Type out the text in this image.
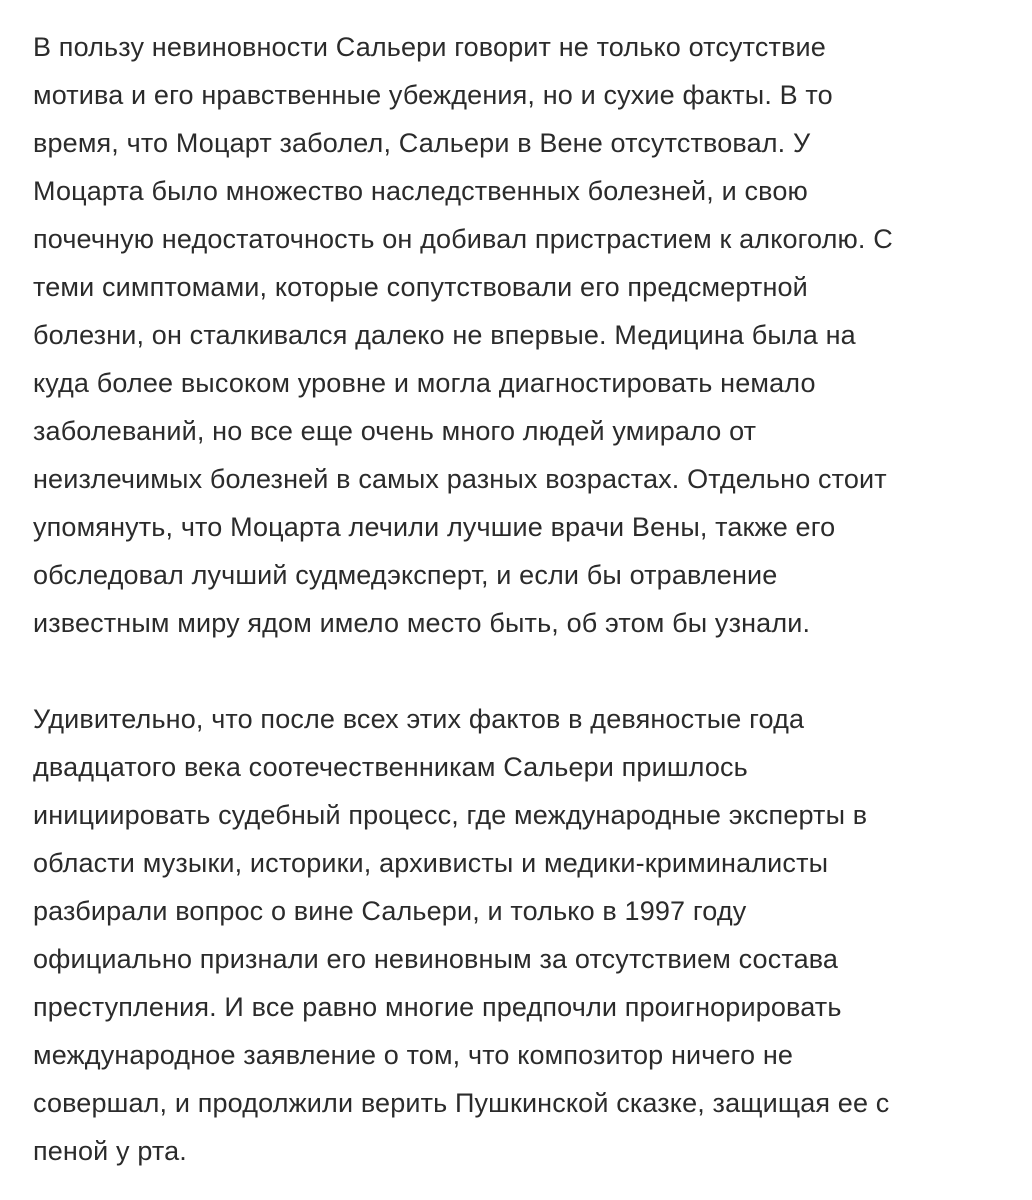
В пользу невиновности Сальери говорит не только отсутствие
мотива и его нравственные убеждения, но и сухие факты. В то
время, что Моцарт заболел, Сальери в Вене отсутствовал. У
Моцарта было множество наследственных болезней, и свою
почечную недостаточность он добивал пристрастием к алкоголю. С
теми симптомами, которые сопутствовали его предсмертной
болезни, он сталкивался далеко не впервые. Медицина была на
куда более высоком уровне и могла диагностировать немало
заболеваний, но все еще очень много людей умирало от
неизлечимых болезней в самых разных возрастах. Отдельно стоит
упомянуть, что Моцарта лечили лучшие врачи Вены, также его
обследовал лучший судмедэксперт, и если бы отравление
известным миру ядом имело место быть, об этом бы узнали.

Удивительно, что после всех этих фактов в девяностые года
двадцатого века соотечественникам Сальери пришлось
инициировать судебный процесс, где международные эксперты в
области музыки, историки, архивисты и медики-криминалисты
разбирали вопрос о вине Сальери, и только в 1997 году
официально признали его невиновным за отсутствием состава
преступления. И все равно многие предпочли проигнорировать
международное заявление о том, что композитор ничего не
совершал, и продолжили верить Пушкинской сказке, защищая ее с
пеной у рта.
